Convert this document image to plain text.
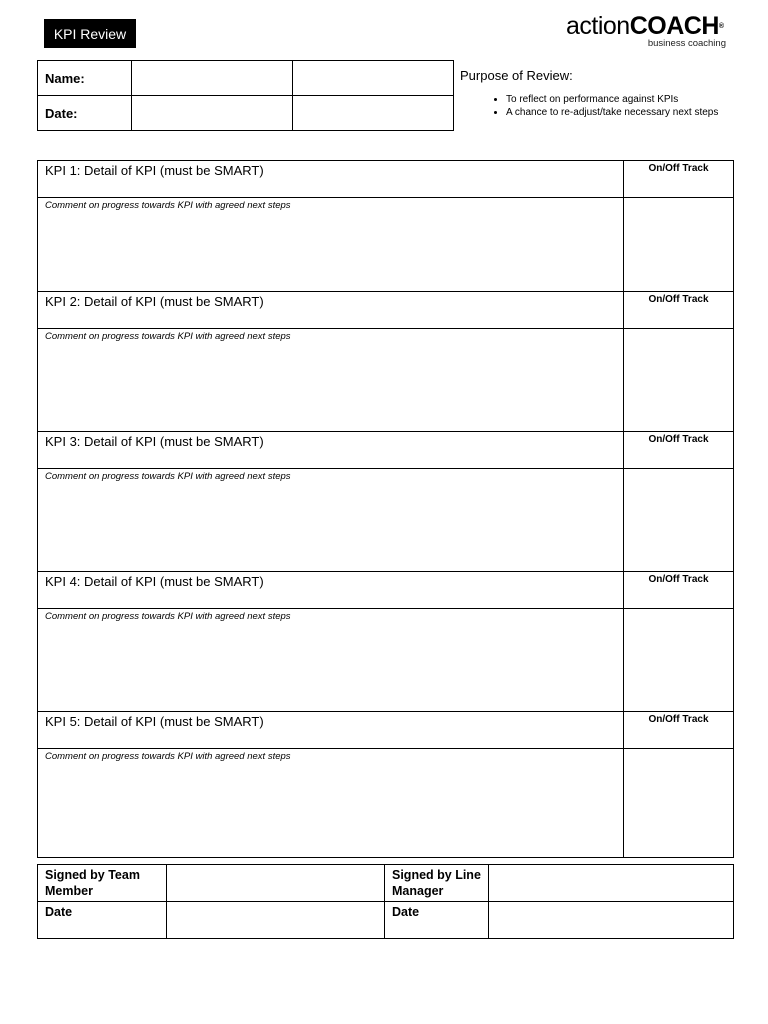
KPI Review	actionCOACH®
business coaching
Name:		
Date:		
Purpose of Review:
• To reflect on performance against KPIs
• A chance to re-adjust/take necessary next steps
KPI 1: Detail of KPI (must be SMART)	On/Off Track
Comment on progress towards KPI with agreed next steps	
KPI 2: Detail of KPI (must be SMART)	On/Off Track
Comment on progress towards KPI with agreed next steps	
KPI 3: Detail of KPI (must be SMART)	On/Off Track
Comment on progress towards KPI with agreed next steps	
KPI 4: Detail of KPI (must be SMART)	On/Off Track
Comment on progress towards KPI with agreed next steps	
KPI 5: Detail of KPI (must be SMART)	On/Off Track
Comment on progress towards KPI with agreed next steps	
Signed by Team Member		Signed by Line Manager	
Date		Date	
